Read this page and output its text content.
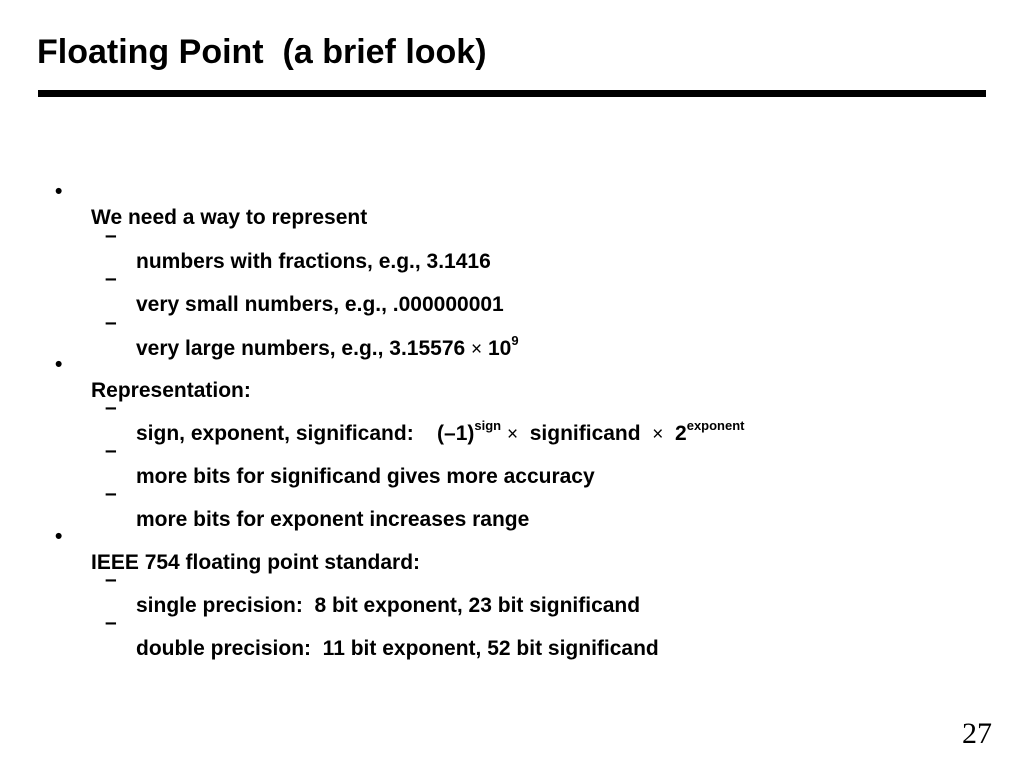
Floating Point  (a brief look)

•

We need a way to represent

–

numbers with fractions, e.g., 3.1416

–

very small numbers, e.g., .000000001

–

very large numbers, e.g., $3.15576 \times 10^9$

•

Representation:

–

sign, exponent, significand:    $(-1)^{sign}$ ×  significand  ×  $2^{exponent}$

–

more bits for significand gives more accuracy

–

more bits for exponent increases range

•

IEEE 754 floating point standard:

–

single precision:  8 bit exponent, 23 bit significand

–

double precision:  11 bit exponent, 52 bit significand

27
